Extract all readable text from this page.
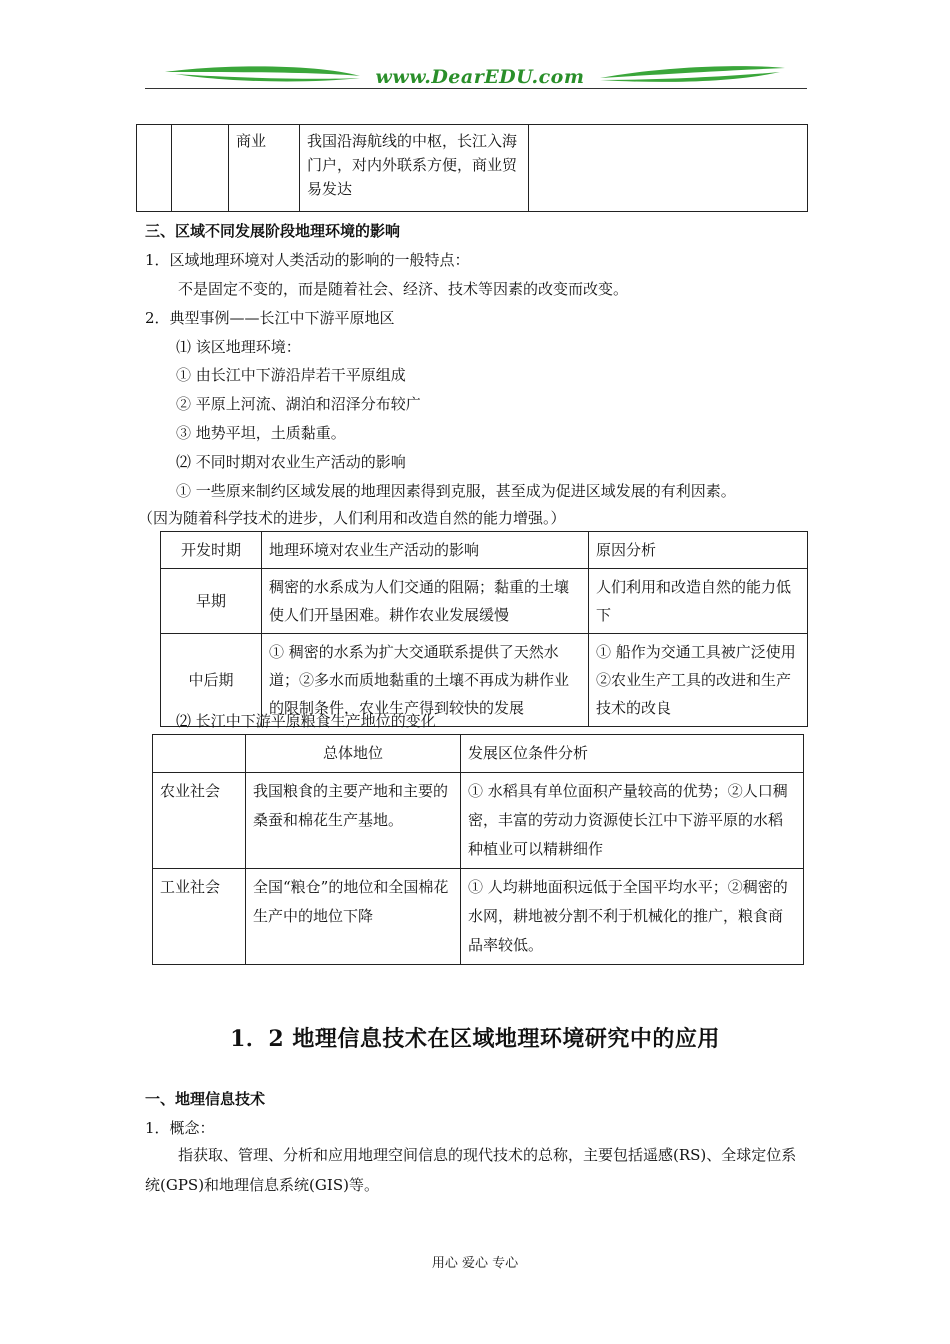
www.DearEDU.com
		商业	我国沿海航线的中枢，长江入海门户，对内外联系方便，商业贸易发达	
三、区域不同发展阶段地理环境的影响
1．区域地理环境对人类活动的影响的一般特点：
不是固定不变的，而是随着社会、经济、技术等因素的改变而改变。
2．典型事例——长江中下游平原地区
⑴ 该区地理环境：
① 由长江中下游沿岸若干平原组成
② 平原上河流、湖泊和沼泽分布较广
③ 地势平坦，土质黏重。
⑵ 不同时期对农业生产活动的影响
① 一些原来制约区域发展的地理因素得到克服，甚至成为促进区域发展的有利因素。
（因为随着科学技术的进步，人们利用和改造自然的能力增强。）
开发时期	地理环境对农业生产活动的影响	原因分析
早期	稠密的水系成为人们交通的阻隔；黏重的土壤使人们开垦困难。耕作农业发展缓慢	人们利用和改造自然的能力低下
中后期	① 稠密的水系为扩大交通联系提供了天然水道；②多水而质地黏重的土壤不再成为耕作业的限制条件，农业生产得到较快的发展	① 船作为交通工具被广泛使用②农业生产工具的改进和生产技术的改良
⑵ 长江中下游平原粮食生产地位的变化
	总体地位	发展区位条件分析
农业社会	我国粮食的主要产地和主要的桑蚕和棉花生产基地。	① 水稻具有单位面积产量较高的优势；②人口稠密，丰富的劳动力资源使长江中下游平原的水稻种植业可以精耕细作
工业社会	全国“粮仓”的地位和全国棉花生产中的地位下降	① 人均耕地面积远低于全国平均水平；②稠密的水网，耕地被分割不利于机械化的推广，粮食商品率较低。
1．2 地理信息技术在区域地理环境研究中的应用
一、地理信息技术
1．概念：
指获取、管理、分析和应用地理空间信息的现代技术的总称，主要包括遥感(RS)、全球定位系统(GPS)和地理信息系统(GIS)等。
用心 爱心 专心
